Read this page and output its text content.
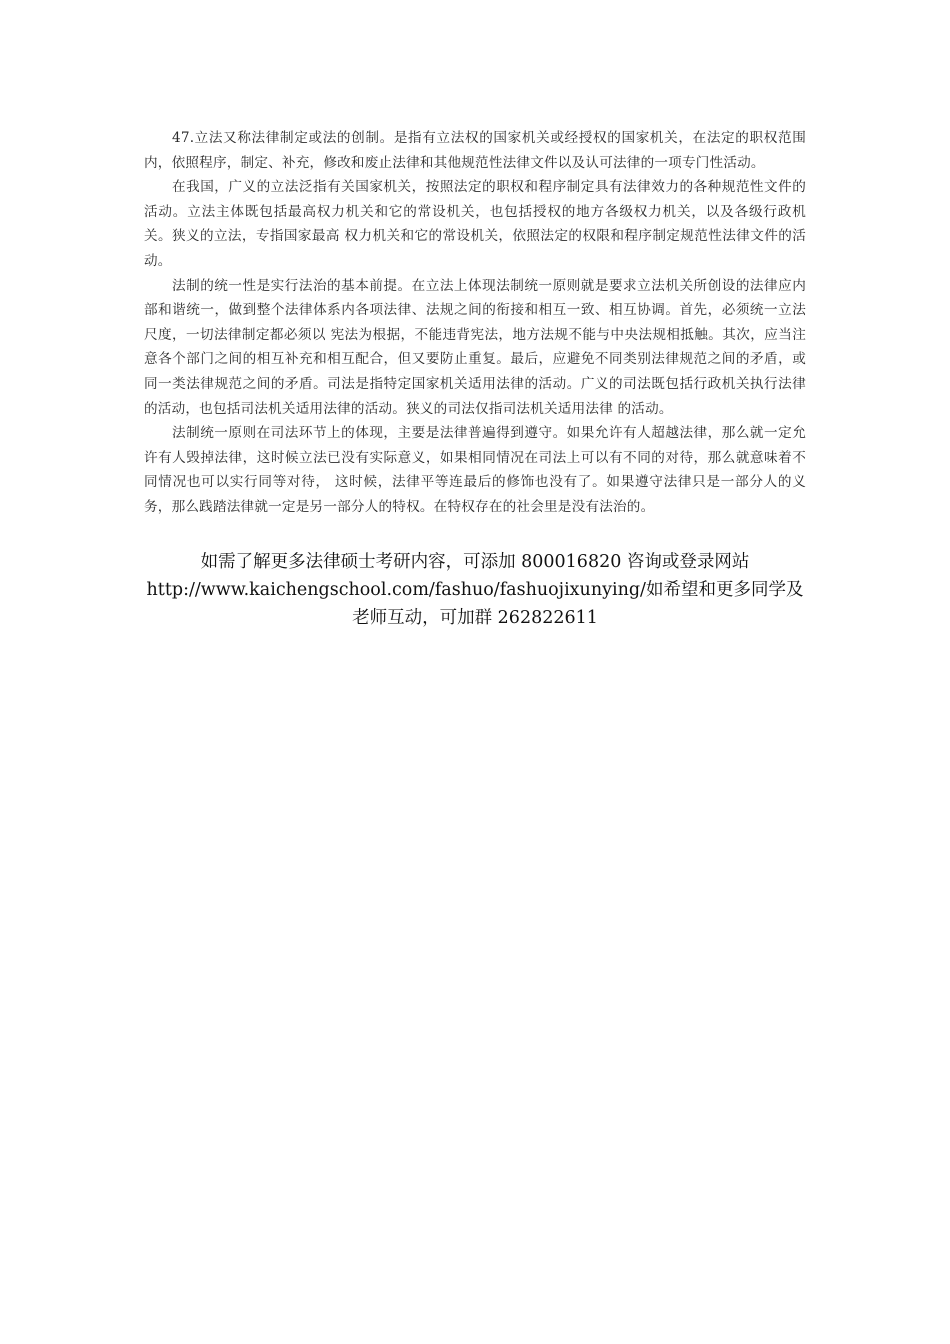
47.立法又称法律制定或法的创制。是指有立法权的国家机关或经授权的国家机关，在法定的职权范围内，依照程序，制定、补充，修改和废止法律和其他规范性法律文件以及认可法律的一项专门性活动。

在我国，广义的立法泛指有关国家机关，按照法定的职权和程序制定具有法律效力的各种规范性文件的活动。立法主体既包括最高权力机关和它的常设机关，也包括授权的地方各级权力机关，以及各级行政机关。狭义的立法，专指国家最高 权力机关和它的常设机关，依照法定的权限和程序制定规范性法律文件的活动。

法制的统一性是实行法治的基本前提。在立法上体现法制统一原则就是要求立法机关所创设的法律应内部和谐统一，做到整个法律体系内各项法律、法规之间的衔接和相互一致、相互协调。首先，必须统一立法尺度，一切法律制定都必须以 宪法为根据，不能违背宪法，地方法规不能与中央法规相抵触。其次，应当注意各个部门之间的相互补充和相互配合，但又要防止重复。最后，应避免不同类别法律规范之间的矛盾，或同一类法律规范之间的矛盾。司法是指特定国家机关适用法律的活动。广义的司法既包括行政机关执行法律的活动，也包括司法机关适用法律的活动。狭义的司法仅指司法机关适用法律 的活动。

法制统一原则在司法环节上的体现，主要是法律普遍得到遵守。如果允许有人超越法律，那么就一定允许有人毁掉法律，这时候立法已没有实际意义，如果相同情况在司法上可以有不同的对待，那么就意味着不同情况也可以实行同等对待， 这时候，法律平等连最后的修饰也没有了。如果遵守法律只是一部分人的义务，那么践踏法律就一定是另一部分人的特权。在特权存在的社会里是没有法治的。

如需了解更多法律硕士考研内容，可添加 800016820 咨询或登录网站 http://www.kaichengschool.com/fashuo/fashuojixunying/如希望和更多同学及老师互动，可加群 262822611
